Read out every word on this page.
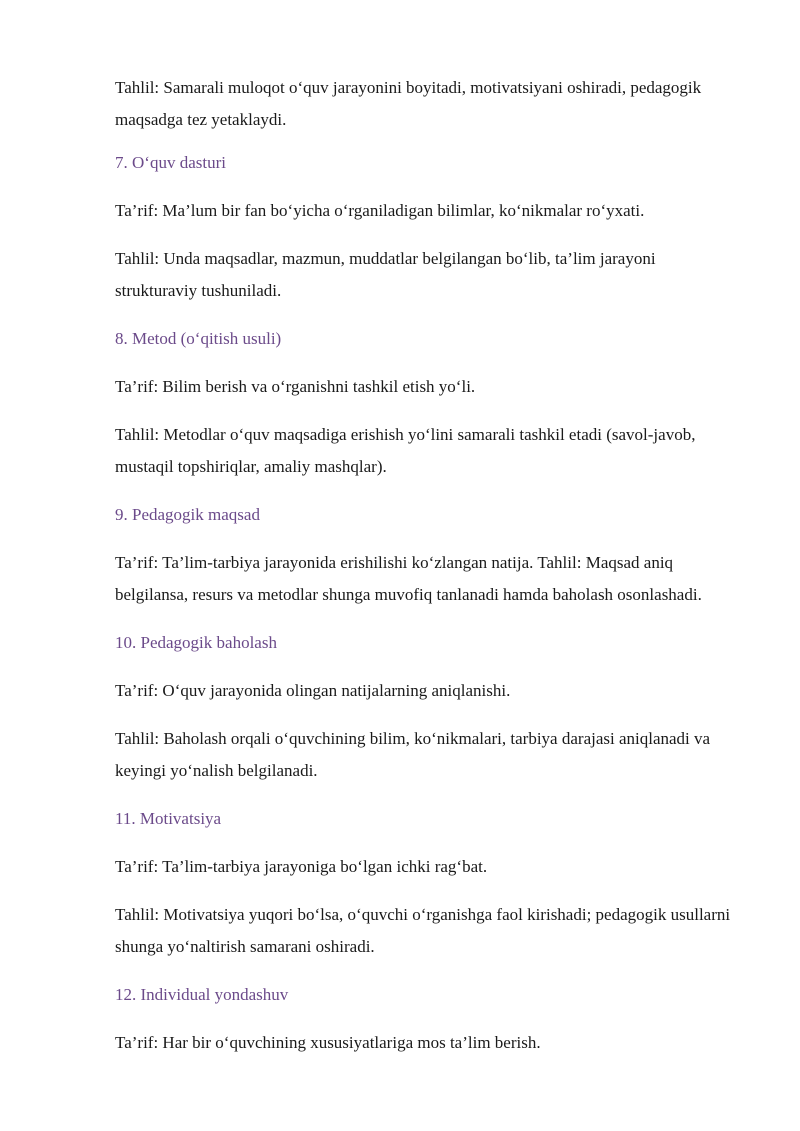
Tahlil: Samarali muloqot o‘quv jarayonini boyitadi, motivatsiyani oshiradi, pedagogik maqsadga tez yetaklaydi.

7. O‘quv dasturi

Ta’rif: Ma’lum bir fan bo‘yicha o‘rganiladigan bilimlar, ko‘nikmalar ro‘yxati.

Tahlil: Unda maqsadlar, mazmun, muddatlar belgilangan bo‘lib, ta’lim jarayoni strukturaviy tushuniladi.

8. Metod (o‘qitish usuli)

Ta’rif: Bilim berish va o‘rganishni tashkil etish yo‘li.

Tahlil: Metodlar o‘quv maqsadiga erishish yo‘lini samarali tashkil etadi (savol-javob, mustaqil topshiriqlar, amaliy mashqlar).

9. Pedagogik maqsad

Ta’rif: Ta’lim-tarbiya jarayonida erishilishi ko‘zlangan natija. Tahlil: Maqsad aniq belgilansa, resurs va metodlar shunga muvofiq tanlanadi hamda baholash osonlashadi.

10. Pedagogik baholash

Ta’rif: O‘quv jarayonida olingan natijalarning aniqlanishi.

Tahlil: Baholash orqali o‘quvchining bilim, ko‘nikmalari, tarbiya darajasi aniqlanadi va keyingi yo‘nalish belgilanadi.

11. Motivatsiya

Ta’rif: Ta’lim-tarbiya jarayoniga bo‘lgan ichki rag‘bat.

Tahlil: Motivatsiya yuqori bo‘lsa, o‘quvchi o‘rganishga faol kirishadi; pedagogik usullarni shunga yo‘naltirish samarani oshiradi.

12. Individual yondashuv

Ta’rif: Har bir o‘quvchining xususiyatlariga mos ta’lim berish.
